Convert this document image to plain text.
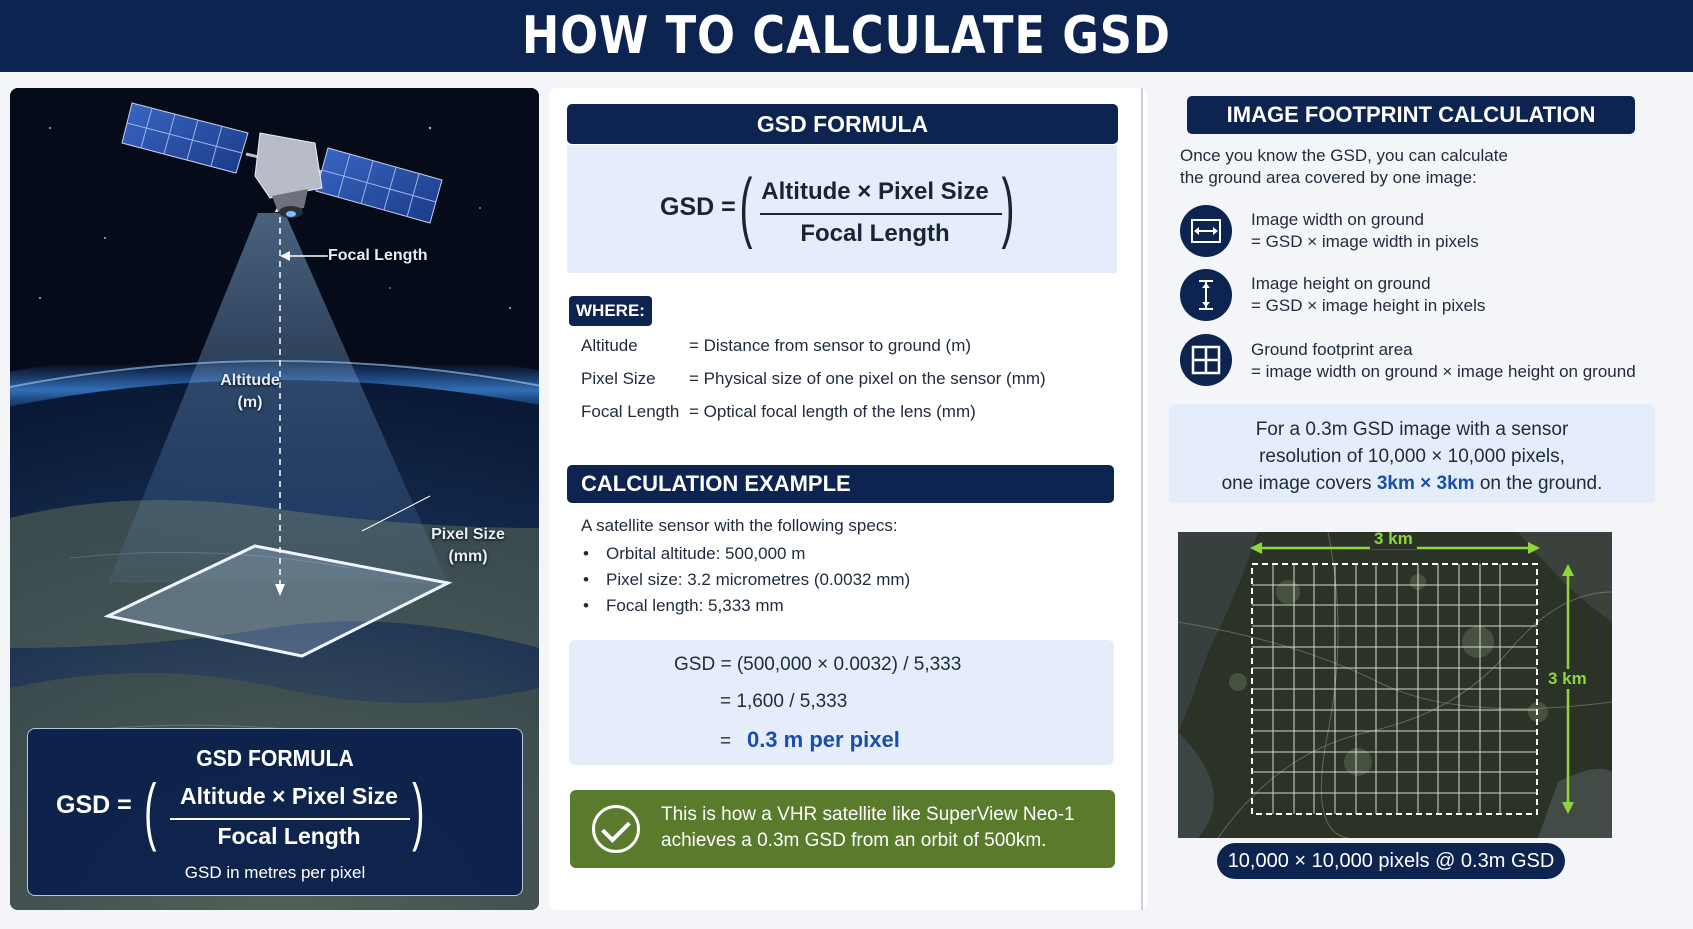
HOW TO CALCULATE GSD
Focal Length
Altitude
(m)
Pixel Size
(mm)
GSD FORMULA
GSD = (	Altitude × Pixel Size
Focal Length )
GSD in metres per pixel
GSD FORMULA
GSD = ( Altitude × Pixel Size
Focal Length )
WHERE:
Altitude	= Distance from sensor to ground (m)
Pixel Size = Physical size of one pixel on the sensor (mm)
Focal Length = Optical focal length of the lens (mm)
CALCULATION EXAMPLE
A satellite sensor with the following specs:
Orbital altitude: 500,000 m
Pixel size: 3.2 micrometres (0.0032 mm)
Focal length: 5,333 mm
GSD = (500,000 × 0.0032) / 5,333
= 1,600 / 5,333
= 0.3 m per pixel
This is how a VHR satellite like SuperView Neo-1
achieves a 0.3m GSD from an orbit of 500km.
IMAGE FOOTPRINT CALCULATION
Once you know the GSD, you can calculate
the ground area covered by one image:
Image width on ground
= GSD × image width in pixels
Image height on ground
= GSD × image height in pixels
Ground footprint area
= image width on ground × image height on ground
For a 0.3m GSD image with a sensor
resolution of 10,000 × 10,000 pixels,
one image covers 3km × 3km on the ground.
3 km
3 km
10,000 × 10,000 pixels @ 0.3m GSD
